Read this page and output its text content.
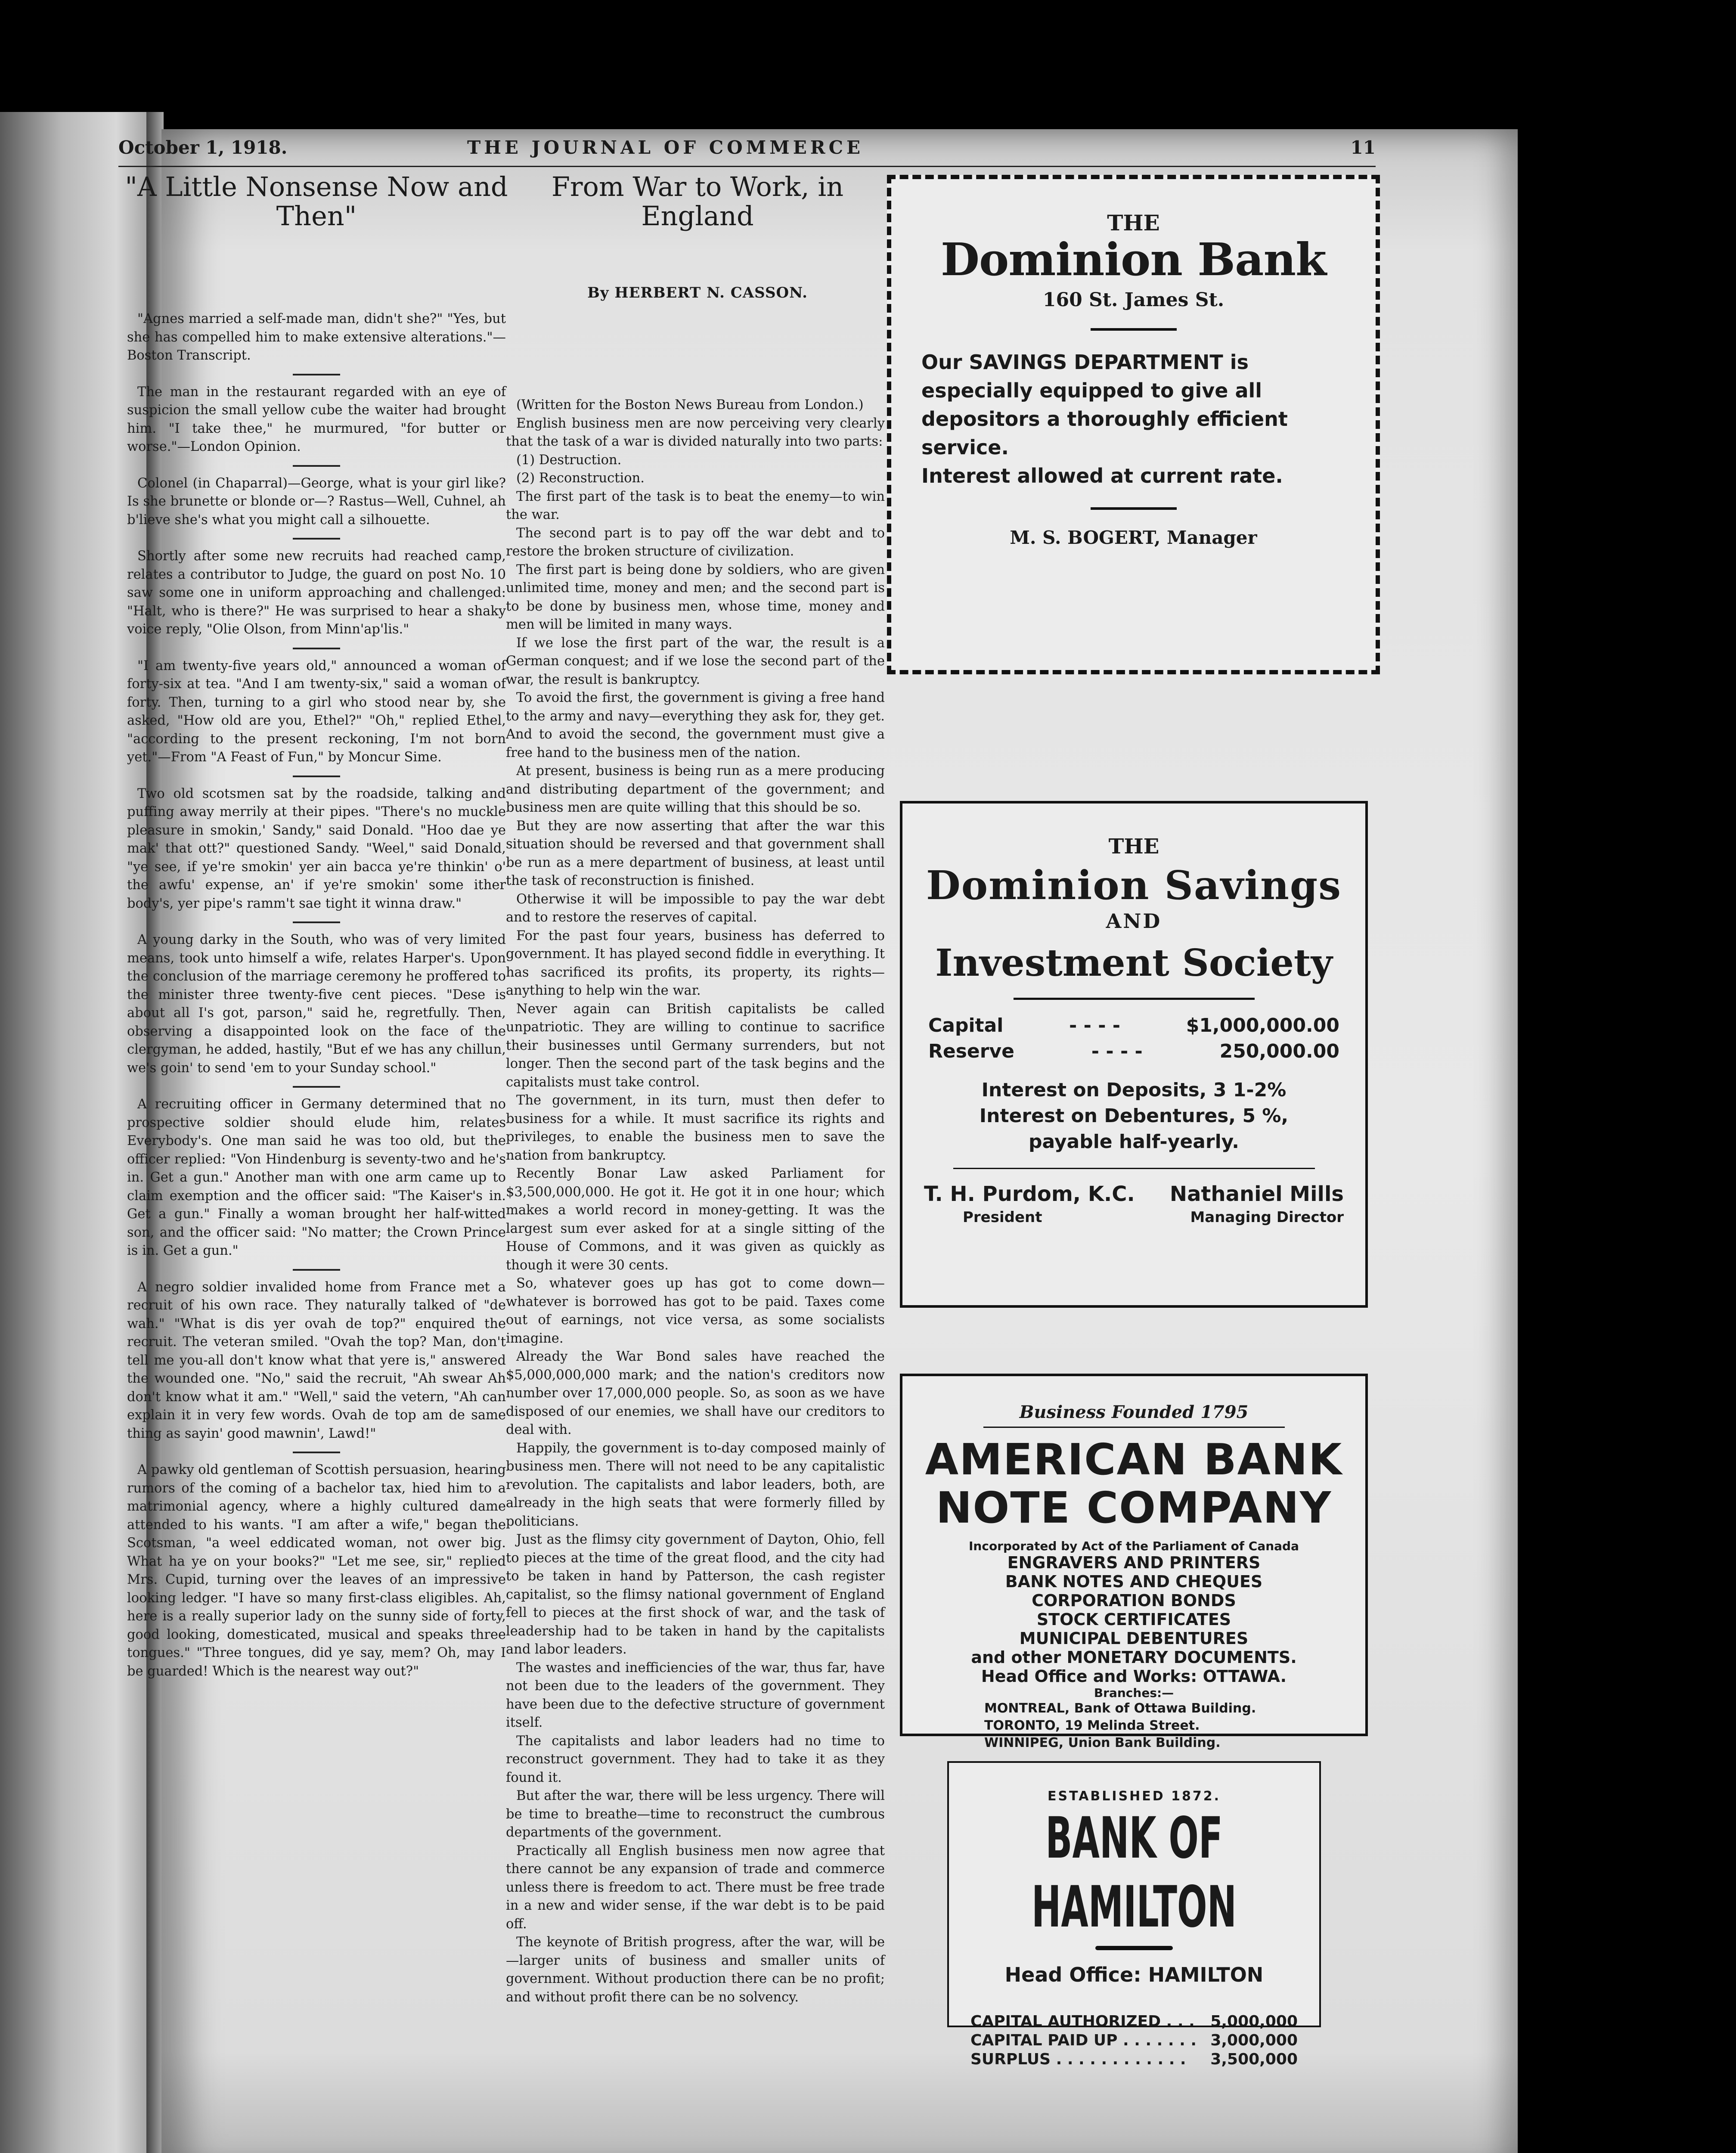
October 1, 1918.	THE JOURNAL OF COMMERCE	11
"A Little Nonsense Now and Then"

"Agnes married a self-made man, didn't she?" "Yes, but she has compelled him to make extensive alterations."—Boston Transcript.

The man in the restaurant regarded with an eye of suspicion the small yellow cube the waiter had brought him. "I take thee," he murmured, "for butter or worse."—London Opinion.

Colonel (in Chaparral)—George, what is your girl like? Is she brunette or blonde or—? Rastus—Well, Cuhnel, ah b'lieve she's what you might call a silhouette.

Shortly after some new recruits had reached camp, relates a contributor to Judge, the guard on post No. 10 saw some one in uniform approaching and challenged: "Halt, who is there?" He was surprised to hear a shaky voice reply, "Olie Olson, from Minn'ap'lis."

"I am twenty-five years old," announced a woman of forty-six at tea. "And I am twenty-six," said a woman of forty. Then, turning to a girl who stood near by, she asked, "How old are you, Ethel?" "Oh," replied Ethel, "according to the present reckoning, I'm not born yet."—From "A Feast of Fun," by Moncur Sime.

Two old scotsmen sat by the roadside, talking and puffing away merrily at their pipes. "There's no muckle pleasure in smokin,' Sandy," said Donald. "Hoo dae ye mak' that ott?" questioned Sandy. "Weel," said Donald, "ye see, if ye're smokin' yer ain bacca ye're thinkin' o' the awfu' expense, an' if ye're smokin' some ither body's, yer pipe's ramm't sae tight it winna draw."

A young darky in the South, who was of very limited means, took unto himself a wife, relates Harper's. Upon the conclusion of the marriage ceremony he proffered to the minister three twenty-five cent pieces. "Dese is about all I's got, parson," said he, regretfully. Then, observing a disappointed look on the face of the clergyman, he added, hastily, "But ef we has any chillun, we's goin' to send 'em to your Sunday school."

A recruiting officer in Germany determined that no prospective soldier should elude him, relates Everybody's. One man said he was too old, but the officer replied: "Von Hindenburg is seventy-two and he's in. Get a gun." Another man with one arm came up to claim exemption and the officer said: "The Kaiser's in. Get a gun." Finally a woman brought her half-witted son, and the officer said: "No matter; the Crown Prince is in. Get a gun."

A negro soldier invalided home from France met a recruit of his own race. They naturally talked of "de wah." "What is dis yer ovah de top?" enquired the recruit. The veteran smiled. "Ovah the top? Man, don't tell me you-all don't know what that yere is," answered the wounded one. "No," said the recruit, "Ah swear Ah don't know what it am." "Well," said the vetern, "Ah can explain it in very few words. Ovah de top am de same thing as sayin' good mawnin', Lawd!"

A pawky old gentleman of Scottish persuasion, hearing rumors of the coming of a bachelor tax, hied him to a matrimonial agency, where a highly cultured dame attended to his wants. "I am after a wife," began the Scotsman, "a weel eddicated woman, not ower big. What ha ye on your books?" "Let me see, sir," replied Mrs. Cupid, turning over the leaves of an impressive looking ledger. "I have so many first-class eligibles. Ah, here is a really superior lady on the sunny side of forty, good looking, domesticated, musical and speaks three tongues." "Three tongues, did ye say, mem? Oh, may I be guarded! Which is the nearest way out?"

From War to Work, in England
By HERBERT N. CASSON.

(Written for the Boston News Bureau from London.)

English business men are now perceiving very clearly that the task of a war is divided naturally into two parts:

(1) Destruction.

(2) Reconstruction.

The first part of the task is to beat the enemy—to win the war.

The second part is to pay off the war debt and to restore the broken structure of civilization.

The first part is being done by soldiers, who are given unlimited time, money and men; and the second part is to be done by business men, whose time, money and men will be limited in many ways.

If we lose the first part of the war, the result is a German conquest; and if we lose the second part of the war, the result is bankruptcy.

To avoid the first, the government is giving a free hand to the army and navy—everything they ask for, they get. And to avoid the second, the government must give a free hand to the business men of the nation.

At present, business is being run as a mere producing and distributing department of the government; and business men are quite willing that this should be so.

But they are now asserting that after the war this situation should be reversed and that government shall be run as a mere department of business, at least until the task of reconstruction is finished.

Otherwise it will be impossible to pay the war debt and to restore the reserves of capital.

For the past four years, business has deferred to government. It has played second fiddle in everything. It has sacrificed its profits, its property, its rights—anything to help win the war.

Never again can British capitalists be called unpatriotic. They are willing to continue to sacrifice their businesses until Germany surrenders, but not longer. Then the second part of the task begins and the capitalists must take control.

The government, in its turn, must then defer to business for a while. It must sacrifice its rights and privileges, to enable the business men to save the nation from bankruptcy.

Recently Bonar Law asked Parliament for $3,500,000,000. He got it. He got it in one hour; which makes a world record in money-getting. It was the largest sum ever asked for at a single sitting of the House of Commons, and it was given as quickly as though it were 30 cents.

So, whatever goes up has got to come down—whatever is borrowed has got to be paid. Taxes come out of earnings, not vice versa, as some socialists imagine.

Already the War Bond sales have reached the $5,000,000,000 mark; and the nation's creditors now number over 17,000,000 people. So, as soon as we have disposed of our enemies, we shall have our creditors to deal with.

Happily, the government is to-day composed mainly of business men. There will not need to be any capitalistic revolution. The capitalists and labor leaders, both, are already in the high seats that were formerly filled by politicians.

Just as the flimsy city government of Dayton, Ohio, fell to pieces at the time of the great flood, and the city had to be taken in hand by Patterson, the cash register capitalist, so the flimsy national government of England fell to pieces at the first shock of war, and the task of leadership had to be taken in hand by the capitalists and labor leaders.

The wastes and inefficiencies of the war, thus far, have not been due to the leaders of the government. They have been due to the defective structure of government itself.

The capitalists and labor leaders had no time to reconstruct government. They had to take it as they found it.

But after the war, there will be less urgency. There will be time to breathe—time to reconstruct the cumbrous departments of the government.

Practically all English business men now agree that there cannot be any expansion of trade and commerce unless there is freedom to act. There must be free trade in a new and wider sense, if the war debt is to be paid off.

The keynote of British progress, after the war, will be—larger units of business and smaller units of government. Without production there can be no profit; and without profit there can be no solvency.

THE
Dominion Bank
160 St. James St.
Our SAVINGS DEPARTMENT is especially equipped to give all depositors a thoroughly efficient service.
Interest allowed at current rate.
M. S. BOGERT, Manager
THE
Dominion Savings
AND
Investment Society
Capital	- - - -	$1,000,000.00
Reserve	- - - -	250,000.00
Interest on Deposits, 3 1-2%
Interest on Debentures, 5 %,
payable half-yearly.
T. H. Purdom, K.C. Nathaniel Mills
President	Managing Director
Business Founded 1795
AMERICAN BANK
NOTE COMPANY
Incorporated by Act of the Parliament of Canada
ENGRAVERS AND PRINTERS
BANK NOTES AND CHEQUES
CORPORATION BONDS
STOCK CERTIFICATES
MUNICIPAL DEBENTURES
and other MONETARY DOCUMENTS.
Head Office and Works: OTTAWA.
Branches:—
MONTREAL, Bank of Ottawa Building.
TORONTO, 19 Melinda Street.
WINNIPEG, Union Bank Building.
ESTABLISHED 1872.
BANK OF HAMILTON
Head Office: HAMILTON
CAPITAL AUTHORIZED . . . 5,000,000
CAPITAL PAID UP . . . . . . . 3,000,000
SURPLUS . . . . . . . . . . . . 3,500,000
